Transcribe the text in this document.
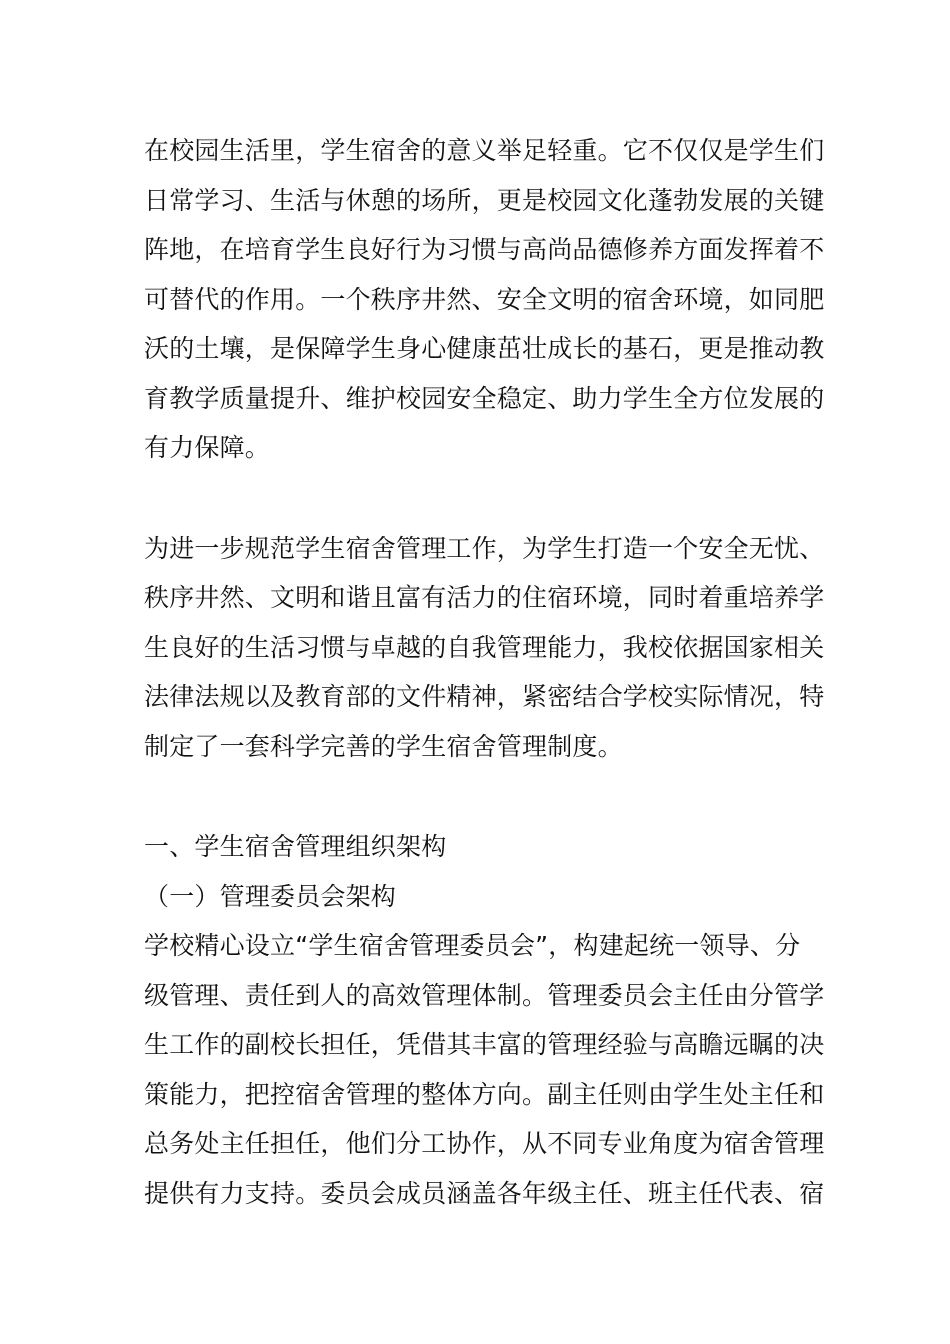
在校园生活里，学生宿舍的意义举足轻重。它不仅仅是学生们
日常学习、生活与休憩的场所，更是校园文化蓬勃发展的关键
阵地，在培育学生良好行为习惯与高尚品德修养方面发挥着不
可替代的作用。一个秩序井然、安全文明的宿舍环境，如同肥
沃的土壤，是保障学生身心健康茁壮成长的基石，更是推动教
育教学质量提升、维护校园安全稳定、助力学生全方位发展的
有力保障。
为进一步规范学生宿舍管理工作，为学生打造一个安全无忧、
秩序井然、文明和谐且富有活力的住宿环境，同时着重培养学
生良好的生活习惯与卓越的自我管理能力，我校依据国家相关
法律法规以及教育部的文件精神，紧密结合学校实际情况，特
制定了一套科学完善的学生宿舍管理制度。
一、学生宿舍管理组织架构
（一）管理委员会架构
学校精心设立“学生宿舍管理委员会”，构建起统一领导、分
级管理、责任到人的高效管理体制。管理委员会主任由分管学
生工作的副校长担任，凭借其丰富的管理经验与高瞻远瞩的决
策能力，把控宿舍管理的整体方向。副主任则由学生处主任和
总务处主任担任，他们分工协作，从不同专业角度为宿舍管理
提供有力支持。委员会成员涵盖各年级主任、班主任代表、宿
